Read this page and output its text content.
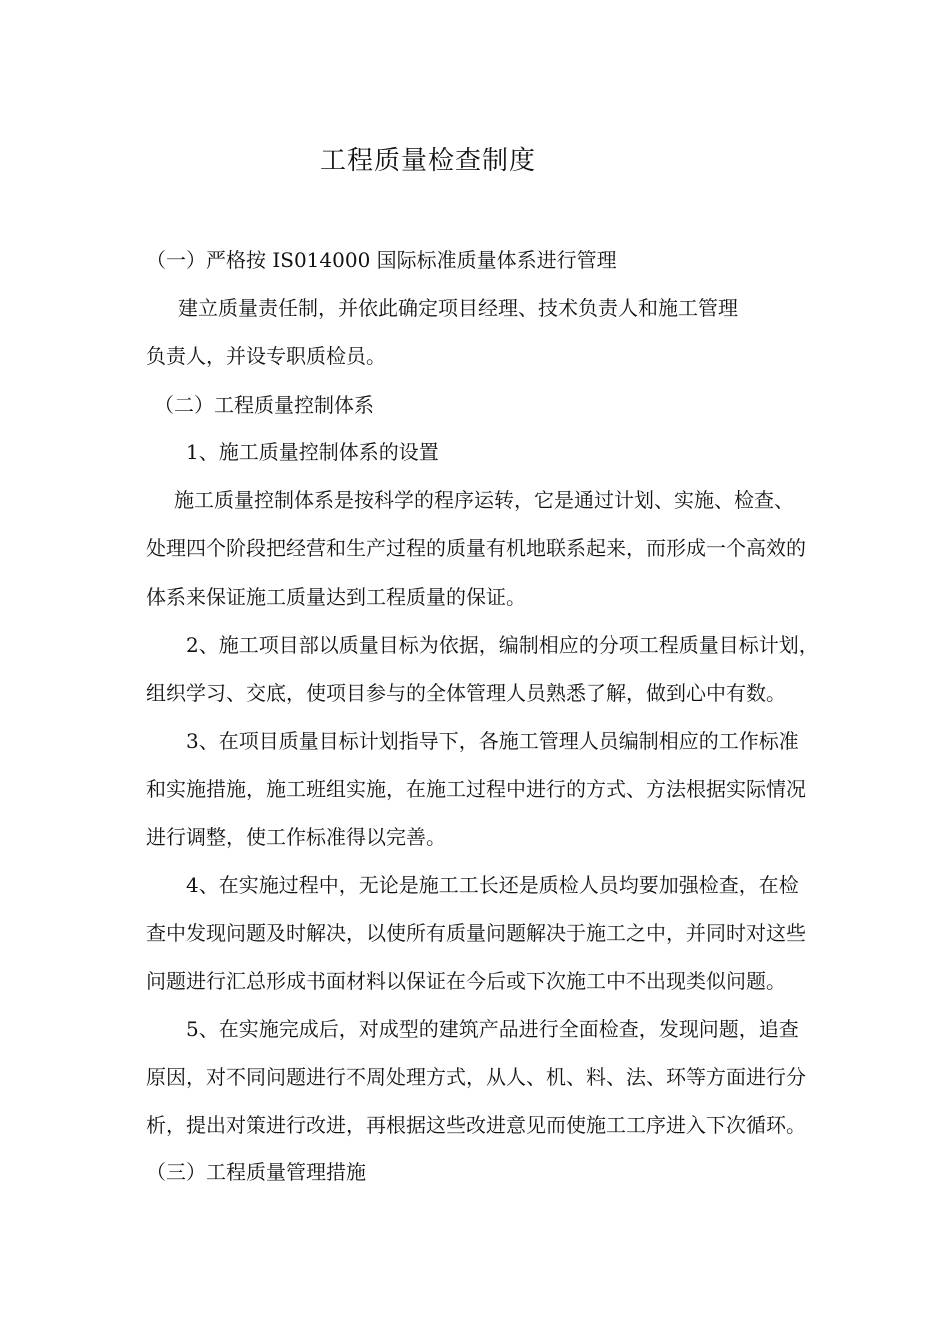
工程质量检查制度
（一）严格按 IS014000 国际标准质量体系进行管理
建立质量责任制，并依此确定项目经理、技术负责人和施工管理
负责人，并设专职质检员。
（二）工程质量控制体系
1、施工质量控制体系的设置
施工质量控制体系是按科学的程序运转，它是通过计划、实施、检查、
处理四个阶段把经营和生产过程的质量有机地联系起来，而形成一个高效的
体系来保证施工质量达到工程质量的保证。
2、施工项目部以质量目标为依据，编制相应的分项工程质量目标计划，
组织学习、交底，使项目参与的全体管理人员熟悉了解，做到心中有数。
3、在项目质量目标计划指导下，各施工管理人员编制相应的工作标准
和实施措施，施工班组实施，在施工过程中进行的方式、方法根据实际情况
进行调整，使工作标准得以完善。
4、在实施过程中，无论是施工工长还是质检人员均要加强检查，在检
查中发现问题及时解决，以使所有质量问题解决于施工之中，并同时对这些
问题进行汇总形成书面材料以保证在今后或下次施工中不出现类似问题。
5、在实施完成后，对成型的建筑产品进行全面检查，发现问题，追查
原因，对不同问题进行不周处理方式，从人、机、料、法、环等方面进行分
析，提出对策进行改进，再根据这些改进意见而使施工工序进入下次循环。
（三）工程质量管理措施
